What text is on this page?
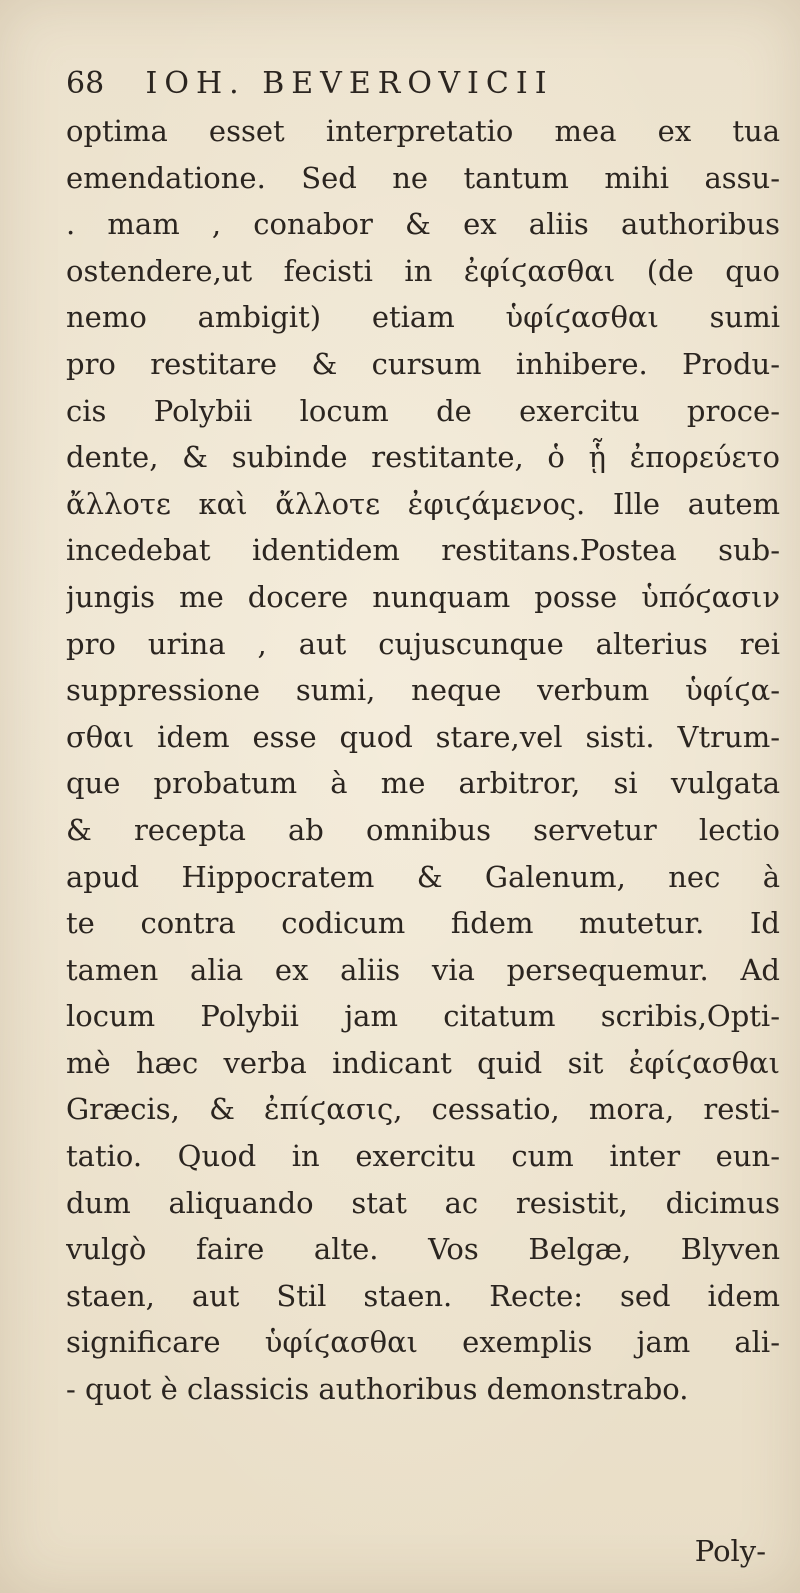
68 IOH. BEVEROVICII
optima esset interpretatio mea ex tua
emendatione. Sed ne tantum mihi assu-
. mam , conabor & ex aliis authoribus
ostendere,ut fecisti in ἐφίϛασθαι (de quo
nemo ambigit) etiam ὑφίϛασθαι sumi
pro restitare & cursum inhibere. Produ-
cis Polybii locum de exercitu proce-
dente, & subinde restitante, ὁ ᾗ ἐπορεύετο
ἄλλοτε καὶ ἄλλοτε ἐφιϛάμενος. Ille autem
incedebat identidem restitans.Postea sub-
jungis me docere nunquam posse ὑπόϛασιν
pro urina , aut cujuscunque alterius rei
suppressione sumi, neque verbum ὑφίϛα-
σθαι idem esse quod stare,vel sisti. Vtrum-
que probatum à me arbitror, si vulgata
& recepta ab omnibus servetur lectio
apud Hippocratem & Galenum, nec à
te contra codicum fidem mutetur. Id
tamen alia ex aliis via persequemur. Ad
locum Polybii jam citatum scribis,Opti-
mè hæc verba indicant quid sit ἐφίϛασθαι
Græcis, & ἐπίϛασις, cessatio, mora, resti-
tatio. Quod in exercitu cum inter eun-
dum aliquando stat ac resistit, dicimus
vulgò faire alte. Vos Belgæ, Blyven
staen, aut Stil staen. Recte: sed idem
significare ὑφίϛασθαι exemplis jam ali-
- quot è classicis authoribus demonstrabo.
Poly-
